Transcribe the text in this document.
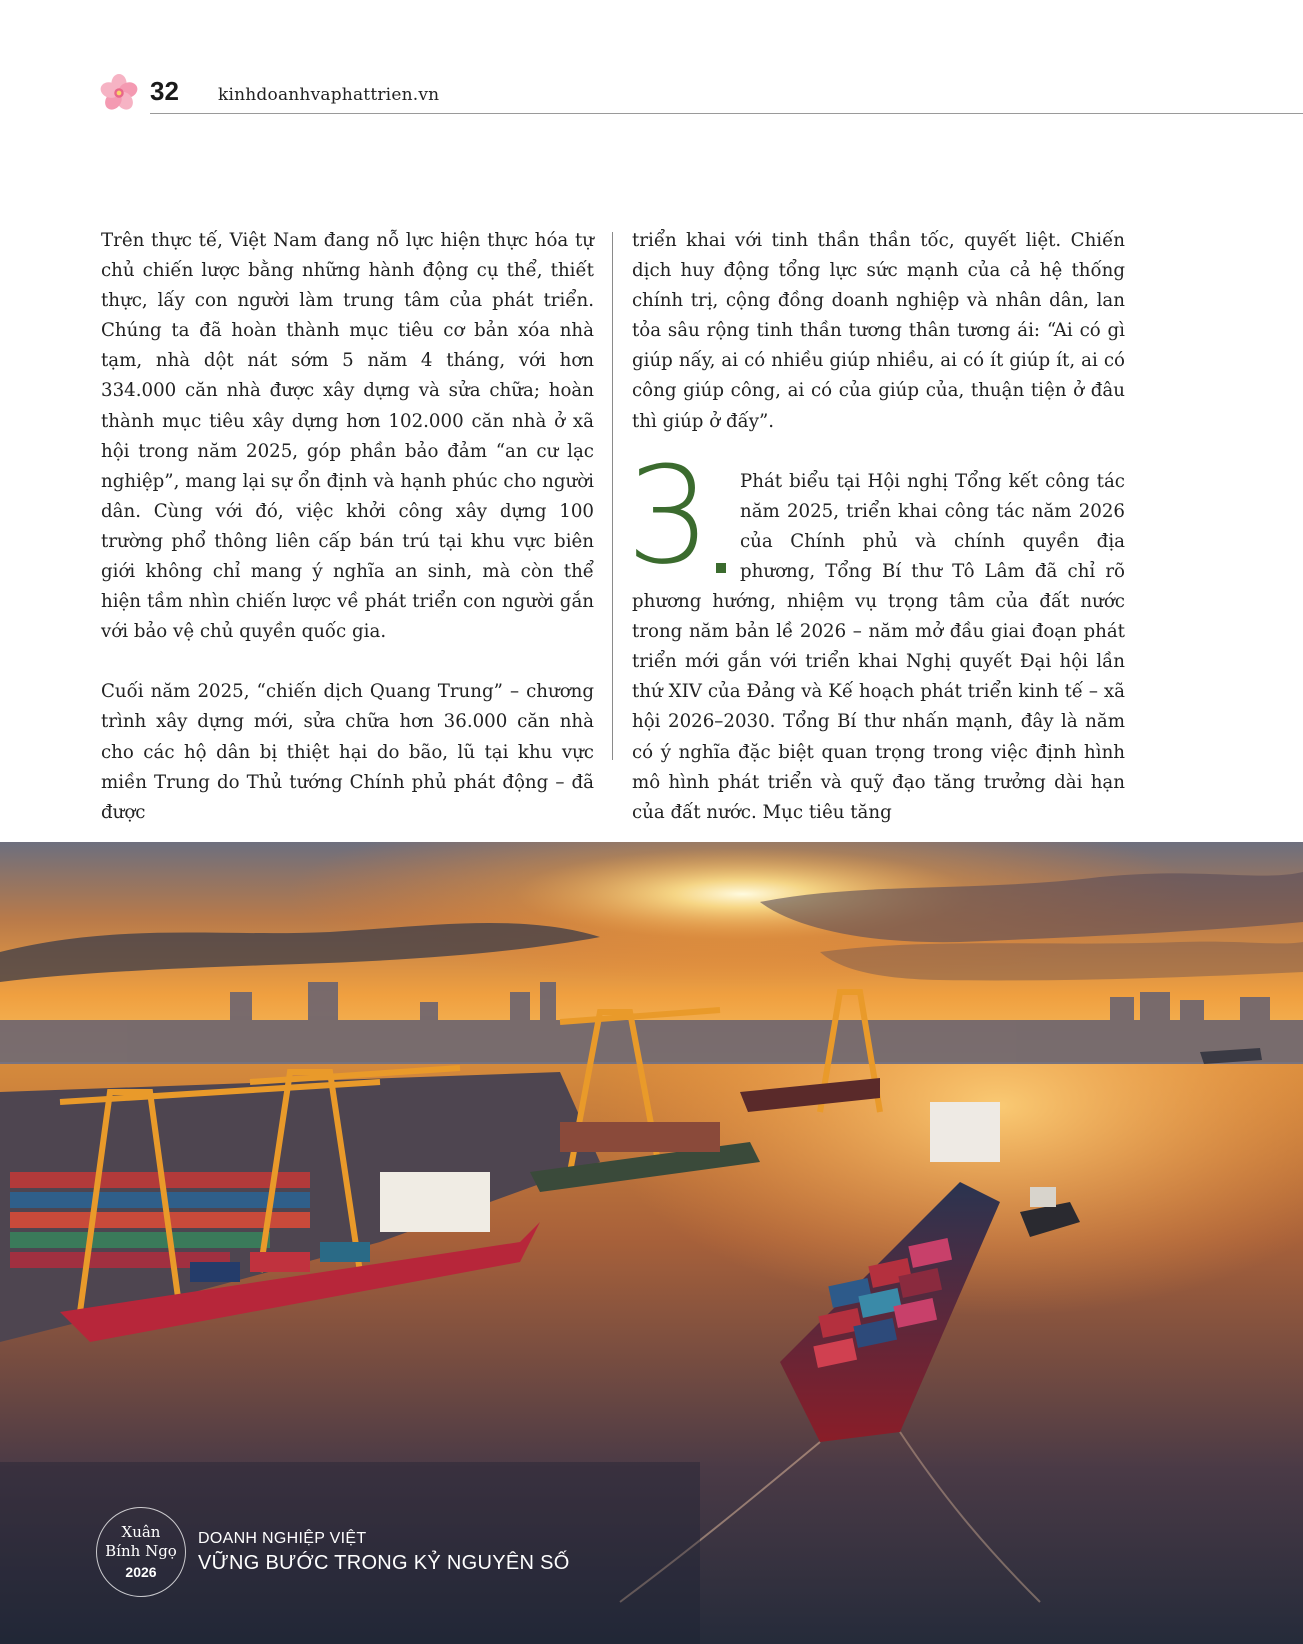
32 kinhdoanhvaphattrien.vn

Trên thực tế, Việt Nam đang nỗ lực hiện thực hóa tự chủ chiến lược bằng những hành động cụ thể, thiết thực, lấy con người làm trung tâm của phát triển. Chúng ta đã hoàn thành mục tiêu cơ bản xóa nhà tạm, nhà dột nát sớm 5 năm 4 tháng, với hơn 334.000 căn nhà được xây dựng và sửa chữa; hoàn thành mục tiêu xây dựng hơn 102.000 căn nhà ở xã hội trong năm 2025, góp phần bảo đảm “an cư lạc nghiệp”, mang lại sự ổn định và hạnh phúc cho người dân. Cùng với đó, việc khởi công xây dựng 100 trường phổ thông liên cấp bán trú tại khu vực biên giới không chỉ mang ý nghĩa an sinh, mà còn thể hiện tầm nhìn chiến lược về phát triển con người gắn với bảo vệ chủ quyền quốc gia.

Cuối năm 2025, “chiến dịch Quang Trung” – chương trình xây dựng mới, sửa chữa hơn 36.000 căn nhà cho các hộ dân bị thiệt hại do bão, lũ tại khu vực miền Trung do Thủ tướng Chính phủ phát động – đã được

triển khai với tinh thần thần tốc, quyết liệt. Chiến dịch huy động tổng lực sức mạnh của cả hệ thống chính trị, cộng đồng doanh nghiệp và nhân dân, lan tỏa sâu rộng tinh thần tương thân tương ái: “Ai có gì giúp nấy, ai có nhiều giúp nhiều, ai có ít giúp ít, ai có công giúp công, ai có của giúp của, thuận tiện ở đâu thì giúp ở đấy”.

3	Phát biểu tại Hội nghị Tổng kết công tác năm 2025, triển khai công tác năm 2026 của Chính phủ và chính quyền địa phương, Tổng Bí thư Tô Lâm đã chỉ rõ phương hướng, nhiệm vụ trọng tâm của đất nước trong năm bản lề 2026 – năm mở đầu giai đoạn phát triển mới gắn với triển khai Nghị quyết Đại hội lần thứ XIV của Đảng và Kế hoạch phát triển kinh tế – xã hội 2026–2030. Tổng Bí thư nhấn mạnh, đây là năm có ý nghĩa đặc biệt quan trọng trong việc định hình mô hình phát triển và quỹ đạo tăng trưởng dài hạn của đất nước. Mục tiêu tăng

Xuân
Bính Ngọ
2026
DOANH NGHIỆP VIỆT
VỮNG BƯỚC TRONG KỶ NGUYÊN SỐ
